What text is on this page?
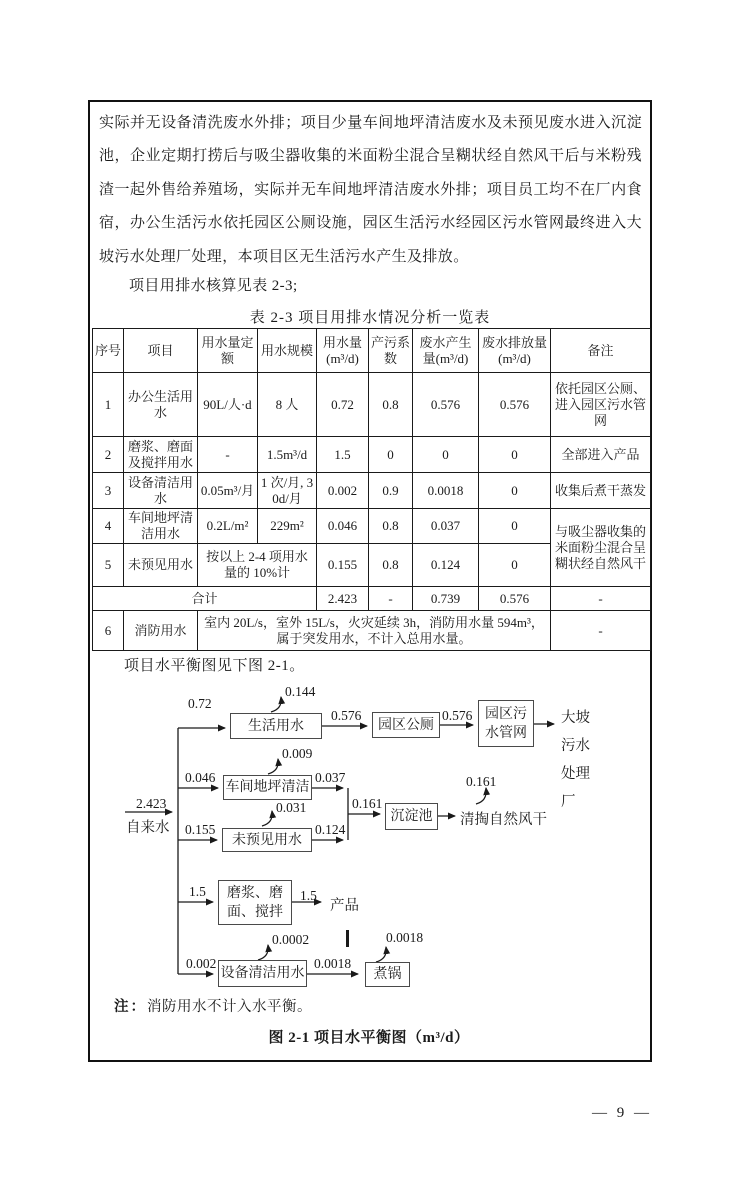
实际并无设备清洗废水外排；项目少量车间地坪清洁废水及未预见废水进入沉淀池，企业定期打捞后与吸尘器收集的米面粉尘混合呈糊状经自然风干后与米粉残渣一起外售给养殖场，实际并无车间地坪清洁废水外排；项目员工均不在厂内食宿，办公生活污水依托园区公厕设施，园区生活污水经园区污水管网最终进入大坡污水处理厂处理，本项目区无生活污水产生及排放。

项目用排水核算见表 2-3;

表 2-3 项目用排水情况分析一览表
序号	项目	用水量定额	用水规模	用水量(m³/d)	产污系数	废水产生量(m³/d)	废水排放量(m³/d)	备注
1	办公生活用水	90L/人·d	8 人	0.72	0.8	0.576	0.576	依托园区公厕、进入园区污水管网
2	磨浆、磨面及搅拌用水	-	1.5m³/d	1.5	0	0	0	全部进入产品
3	设备清洁用水	0.05m³/月	1 次/月, 30d/月	0.002	0.9	0.0018	0	收集后煮干蒸发
4	车间地坪清洁用水	0.2L/m²	229m²	0.046	0.8	0.037	0	与吸尘器收集的米面粉尘混合呈糊状经自然风干
5	未预见用水	按以上 2-4 项用水量的 10%计		0.155	0.8	0.124	0	
合计				2.423	-	0.739	0.576	-
6	消防用水	室内 20L/s，室外 15L/s，火灾延续 3h，消防用水量 594m³，属于突发用水，不计入总用水量。						-
项目水平衡图见下图 2-1。
2.423
自来水
生活用水	园区公厕
园区污水管网
车间地坪清洁
未预见用水
沉淀池
磨浆、磨面、搅拌
设备清洁用水	煮锅
0.72
0.144
0.576	0.576	大坡污水处理厂
0.046
0.009
0.037
0.155
0.031
0.124
0.161
0.161
清掏自然风干
1.5	1.5
产品
0.0002	0.0018
0.002	0.0018
注：消防用水不计入水平衡。
图 2-1 项目水平衡图（m³/d）
— 9 —
